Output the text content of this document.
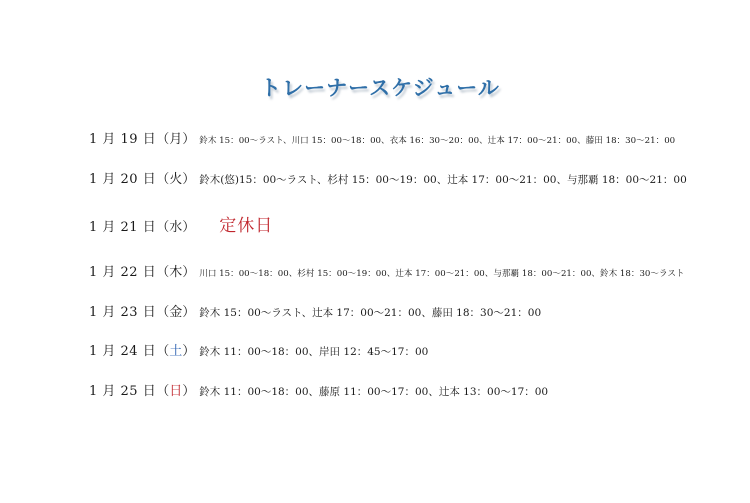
トレーナースケジュール
1 月 19 日 （月） 鈴木 15：00～ラスト、川口 15：00～18：00、衣本 16：30～20：00、辻本 17：00～21：00、藤田 18：30～21：00
1 月 20 日 （火） 鈴木(悠)15：00～ラスト、杉村 15：00～19：00、辻本 17：00～21：00、与那覇 18：00～21：00
1 月 21 日 （水） 定休日
1 月 22 日 （木） 川口 15：00～18：00、杉村 15：00～19：00、辻本 17：00～21：00、与那覇 18：00～21：00、鈴木 18：30～ラスト
1 月 23 日 （金） 鈴木 15：00～ラスト、辻本 17：00～21：00、藤田 18：30～21：00
1 月 24 日 （土） 鈴木 11：00～18：00、岸田 12：45～17：00
1 月 25 日 （日） 鈴木 11：00～18：00、藤原 11：00～17：00、辻本 13：00～17：00
